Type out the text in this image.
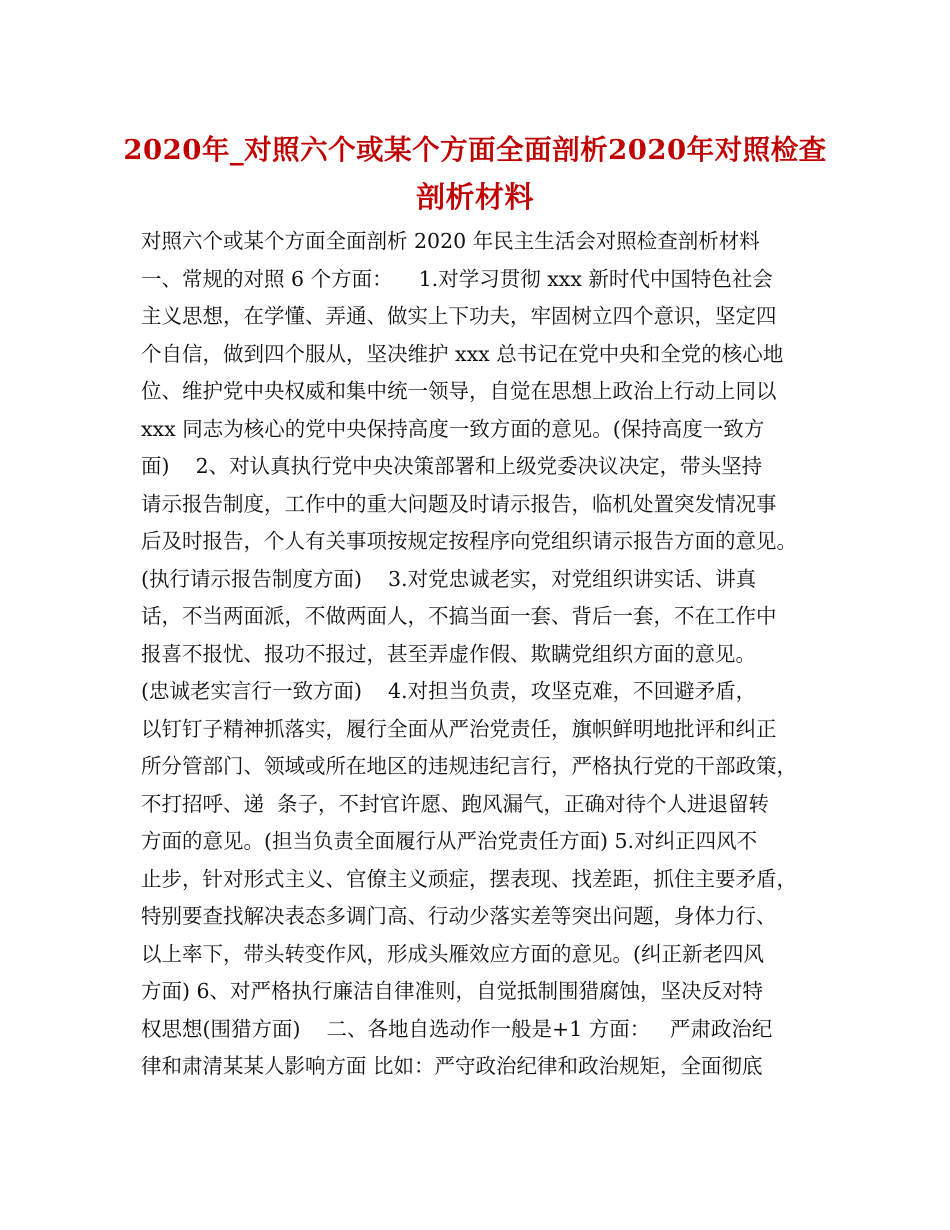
2020年_对照六个或某个方面全面剖析2020年对照检查
剖析材料
对照六个或某个方面全面剖析 2020 年民主生活会对照检查剖析材料
一、常规的对照 6 个方面：    1.对学习贯彻 xxx 新时代中国特色社会
主义思想，在学懂、弄通、做实上下功夫，牢固树立四个意识，坚定四
个自信，做到四个服从，坚决维护 xxx 总书记在党中央和全党的核心地
位、维护党中央权威和集中统一领导，自觉在思想上政治上行动上同以
xxx 同志为核心的党中央保持高度一致方面的意见。(保持高度一致方
面)    2、对认真执行党中央决策部署和上级党委决议决定，带头坚持
请示报告制度，工作中的重大问题及时请示报告，临机处置突发情况事
后及时报告，个人有关事项按规定按程序向党组织请示报告方面的意见。
(执行请示报告制度方面)    3.对党忠诚老实，对党组织讲实话、讲真
话，不当两面派，不做两面人，不搞当面一套、背后一套，不在工作中
报喜不报忧、报功不报过，甚至弄虚作假、欺瞒党组织方面的意见。
(忠诚老实言行一致方面)    4.对担当负责，攻坚克难，不回避矛盾，
以钉钉子精神抓落实，履行全面从严治党责任，旗帜鲜明地批评和纠正
所分管部门、领域或所在地区的违规违纪言行，严格执行党的干部政策，
不打招呼、递  条子，不封官许愿、跑风漏气，正确对待个人进退留转
方面的意见。(担当负责全面履行从严治党责任方面) 5.对纠正四风不
止步，针对形式主义、官僚主义顽症，摆表现、找差距，抓住主要矛盾，
特别要查找解决表态多调门高、行动少落实差等突出问题，身体力行、
以上率下，带头转变作风，形成头雁效应方面的意见。(纠正新老四风
方面) 6、对严格执行廉洁自律准则，自觉抵制围猎腐蚀，坚决反对特
权思想(围猎方面)    二、各地自选动作一般是+1 方面：   严肃政治纪
律和肃清某某人影响方面 比如：严守政治纪律和政治规矩，全面彻底
